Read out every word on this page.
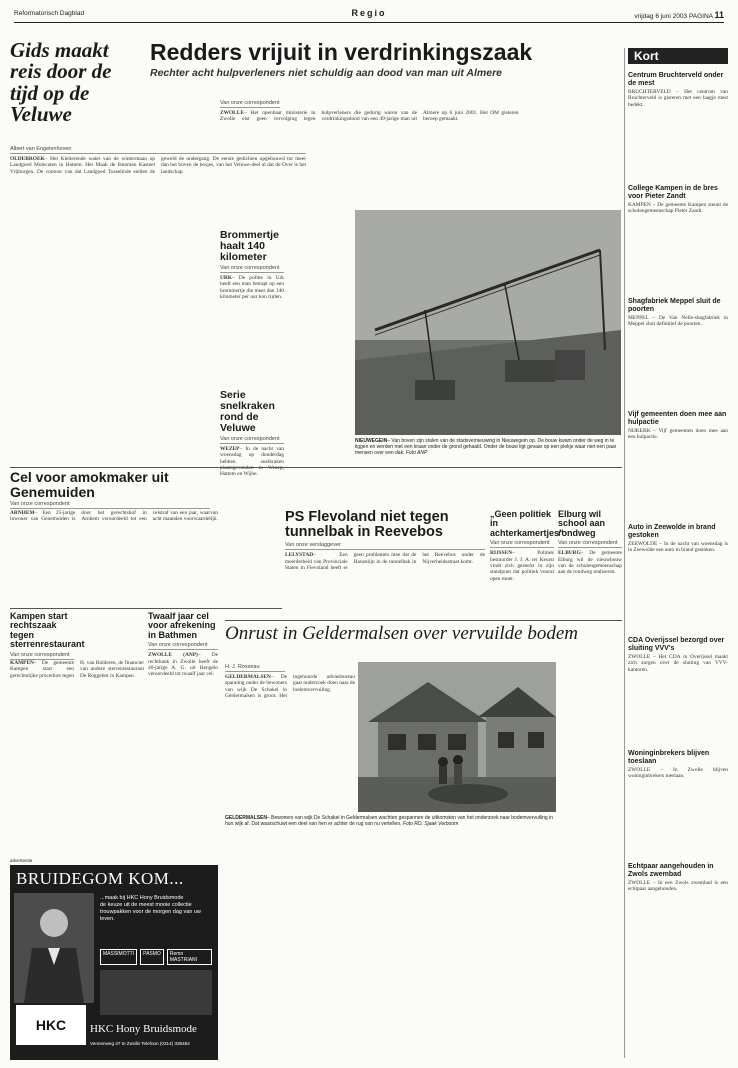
Reformatorisch Dagblad	Regio	vrijdag 6 juni 2003 PAGINA 11
Gids maakt reis door de tijd op de Veluwe
Albert van Engelenhoven
OLDEBROEK– Het Kleiterende water van de wintermaan op Landgoed Molecaten in Hattem. Het Maak de fenomen Kasteel Vrijburgen. De contour van dat Landgoed Tusselinde stellen de geweld de ondergang. De eerste gedichten opgebouwd tot meer dan het boven de bosjes, van het Veluwe-deel al dat de Over is het landschap
Redders vrijuit in verdrinkingszaak
Rechter acht hulpverleners niet schuldig aan dood van man uit Almere
Van onze correspondent
ZWOLLE– Het openbaar ministerie in Zwolle eist geen vervolging tegen hulpverleners die gedurig waren van de verdrinkingsdood van een 49-jarige man uit Almere op 6 juni 2001. Het OM gisteren beroep gemaakt.
Brommertje haalt 140 kilometer
Van onze correspondent
URK– De politie in Urk heeft een man betrapt op een brommertje die meer dan 140 kilometer per uur kon rijden.
Serie snelkraken rond de Veluwe
Van onze correspondent
WEZEP– In de nacht van woensdag op donderdag hebben snelkraken Hattem en Wijhe.
NIEUWEGEIN– Van boven zijn stalen van de stadsvernieuwing in Nieuwegein op. De bouw kwam onder de weg in te liggen en werden met een kraan onder de grond gehaald. Onder de bouw ligt gevaar op een plekje waar niet een paar mensen over een dak. Foto ANP
Kort
Centrum Bruchterveld onder de mest
BRUCHTERVELD – Het centrum van Bruchterveld is gisteren met een laagje mest bedekt.
College Kampen in de bres voor Pieter Zandt
KAMPEN – De gemeente Kampen steunt de scholengemeenschap Pieter Zandt.
Shagfabriek Meppel sluit de poorten
MEPPEL – De Van Nelle-shagfabriek in Meppel sluit definitief de poorten.
Vijf gemeenten doen mee aan hulpactie
NIJKERK – Vijf gemeenten doen mee aan een hulpactie.
Auto in Zeewolde in brand gestoken
ZEEWOLDE – In de nacht van woensdag is in Zeewolde een auto in brand gestoken.
CDA Overijssel bezorgd over sluiting VVV's
ZWOLLE – Het CDA in Overijssel maakt zich zorgen over de sluiting van VVV-kantoren.
Woninginbrekers blijven toeslaan
ZWOLLE – In Zwolle blijven woninginbrekers toeslaan.
Echtpaar aangehouden in Zwols zwembad
ZWOLLE – In een Zwols zwembad is een echtpaar aangehouden.
Cel voor amokmaker uit Genemuiden
Van onze correspondent
ARNHEM– Een 25-jarige inwoner van Genemuiden is door het gerechtshof in Arnhem veroordeeld tot een celstraf van een jaar, waarvan acht maanden voorwaardelijk.	PS Flevoland niet tegen tunnelbak in Reevebos
Van onze verslaggever
LELYSTAD– Een meerderheid van Provinciale Staten in Flevoland heeft er geen problemen mee dat de Hanzelijn in de tunnelbak in het Reevebos onder de Nijverheidsstraat komt.
„Geen politiek in achterkamertjes”
Van onze correspondent
RIJSSEN– Politiek bestuurder J. J. A. ter Keurst vindt zich gesterkt in zijn standpunt dat politiek vooral open moet.
Elburg wil school aan rondweg
Van onze correspondent
ELBURG– De gemeente Elburg wil de nieuwbouw van de scholengemeenschap aan de rondweg realiseren.
Kampen start rechtszaak tegen sterrenrestaurant
Van onze correspondent
KAMPEN– De gemeente Kampen start een gerechtelijke procedure tegen H. van Bulderen, de financier van andere sterrenrestaurant De Roggebot in Kampen.
Twaalf jaar cel voor afrekening in Bathmen
Van onze correspondent
ZWOLLE (ANP)– De rechtbank in Zwolle heeft de 40-jarige A. G. uit Hengelo veroordeeld tot twaalf jaar cel.
Onrust in Geldermalsen over vervuilde bodem
H. J. Rosseau
GELDERMALSEN– De spanning onder de bewoners van wijk De Schakel in Geldermalsen is groot. Het ingehuurde adviesbureau gaat onderzoek doen naar de bodemvervuiling.
GELDERMALSEN– Bewoners van wijk De Schakel in Geldermalsen wachten gespannen de uitkomsten van het onderzoek naar bodemvervuiling in hun wijk af. Dat waarschuwt een deel van hen er achter de rug van nu vertellen. Foto RD, Sjaak Verboom
advertentie
BRUIDEGOM KOM...
...maak bij HKC Hony Bruidsmode
de keuze uit de meest mooie collectie trouwpakken voor de morgen dag van uw leven.
MASSIMOTTI	PASMO	Remo MASTRIANI
HKC	HKC Hony Bruidsmode
Vennenweg 37 te Zwolle Telefoon (0314) 338484
